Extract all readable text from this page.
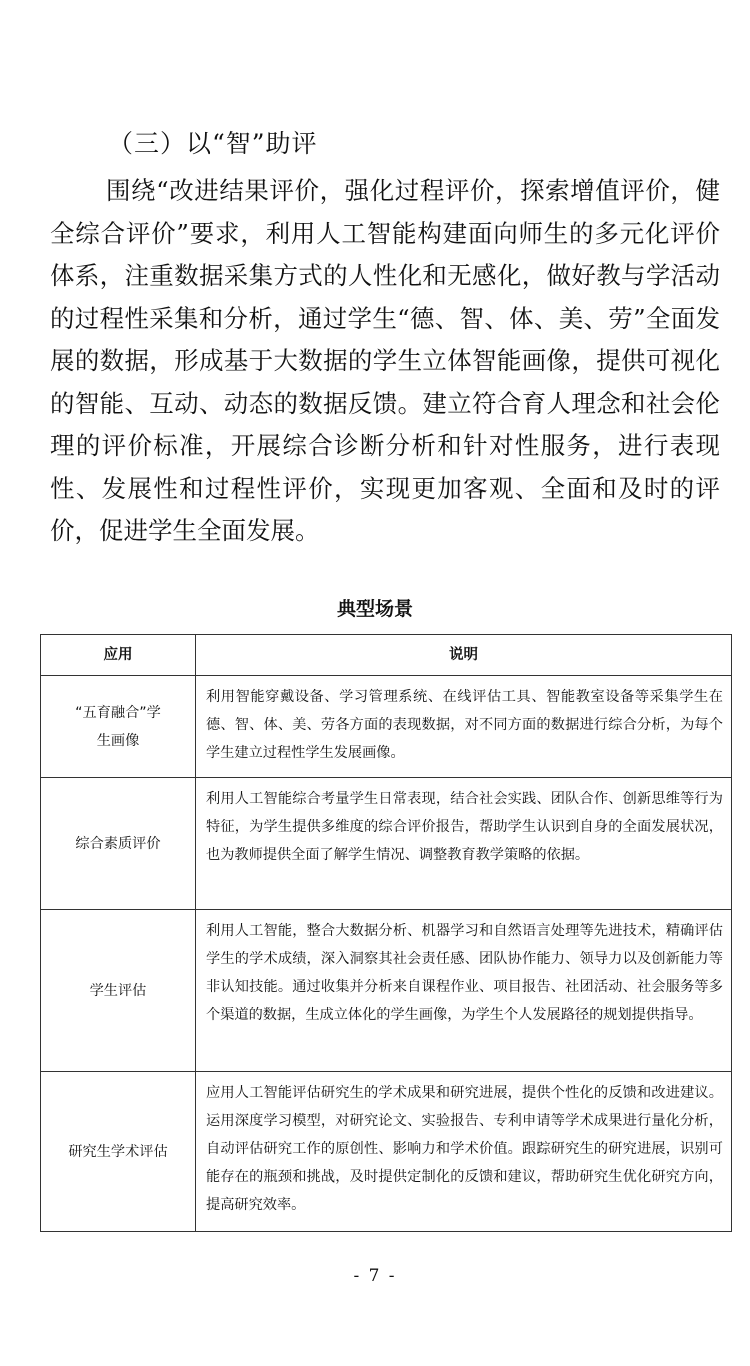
（三）以“智”助评

围绕“改进结果评价，强化过程评价，探索增值评价，健全综合评价”要求，利用人工智能构建面向师生的多元化评价体系，注重数据采集方式的人性化和无感化，做好教与学活动的过程性采集和分析，通过学生“德、智、体、美、劳”全面发展的数据，形成基于大数据的学生立体智能画像，提供可视化的智能、互动、动态的数据反馈。建立符合育人理念和社会伦理的评价标准，开展综合诊断分析和针对性服务，进行表现性、发展性和过程性评价，实现更加客观、全面和及时的评价，促进学生全面发展。

典型场景
应用	说明
“五育融合”学生画像	利用智能穿戴设备、学习管理系统、在线评估工具、智能教室设备等采集学生在德、智、体、美、劳各方面的表现数据，对不同方面的数据进行综合分析，为每个学生建立过程性学生发展画像。
综合素质评价	利用人工智能综合考量学生日常表现，结合社会实践、团队合作、创新思维等行为特征，为学生提供多维度的综合评价报告，帮助学生认识到自身的全面发展状况，也为教师提供全面了解学生情况、调整教育教学策略的依据。
学生评估	利用人工智能，整合大数据分析、机器学习和自然语言处理等先进技术，精确评估学生的学术成绩，深入洞察其社会责任感、团队协作能力、领导力以及创新能力等非认知技能。通过收集并分析来自课程作业、项目报告、社团活动、社会服务等多个渠道的数据，生成立体化的学生画像，为学生个人发展路径的规划提供指导。
研究生学术评估	应用人工智能评估研究生的学术成果和研究进展，提供个性化的反馈和改进建议。运用深度学习模型，对研究论文、实验报告、专利申请等学术成果进行量化分析，自动评估研究工作的原创性、影响力和学术价值。跟踪研究生的研究进展，识别可能存在的瓶颈和挑战，及时提供定制化的反馈和建议，帮助研究生优化研究方向，提高研究效率。
- 7 -
